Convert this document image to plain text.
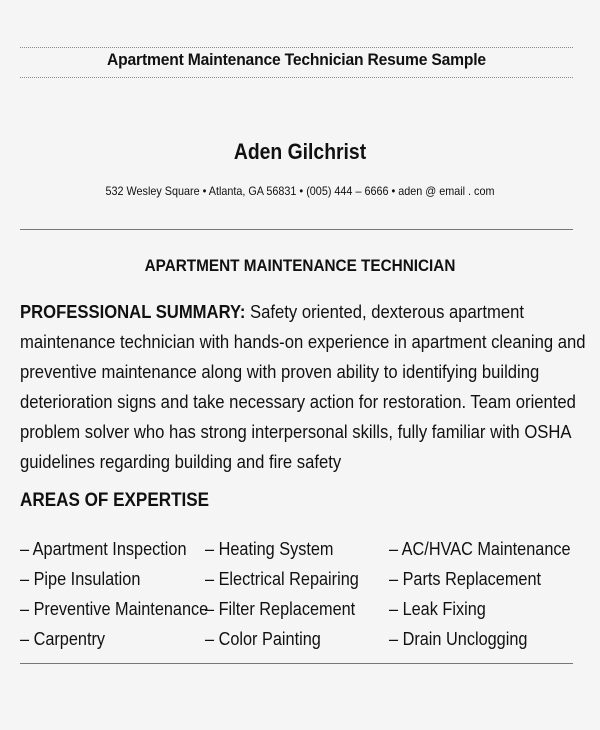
Apartment Maintenance Technician Resume Sample
Aden Gilchrist
532 Wesley Square • Atlanta, GA 56831 • (005) 444 – 6666 • aden @ email . com
APARTMENT MAINTENANCE TECHNICIAN
PROFESSIONAL SUMMARY: Safety oriented, dexterous apartment
maintenance technician with hands-on experience in apartment cleaning and
preventive maintenance along with proven ability to identifying building
deterioration signs and take necessary action for restoration. Team oriented
problem solver who has strong interpersonal skills, fully familiar with OSHA
guidelines regarding building and fire safety
AREAS OF EXPERTISE
– Apartment Inspection
– Pipe Insulation
– Preventive Maintenance
– Carpentry
– Heating System
– Electrical Repairing
– Filter Replacement
– Color Painting
– AC/HVAC Maintenance
– Parts Replacement
– Leak Fixing
– Drain Unclogging
